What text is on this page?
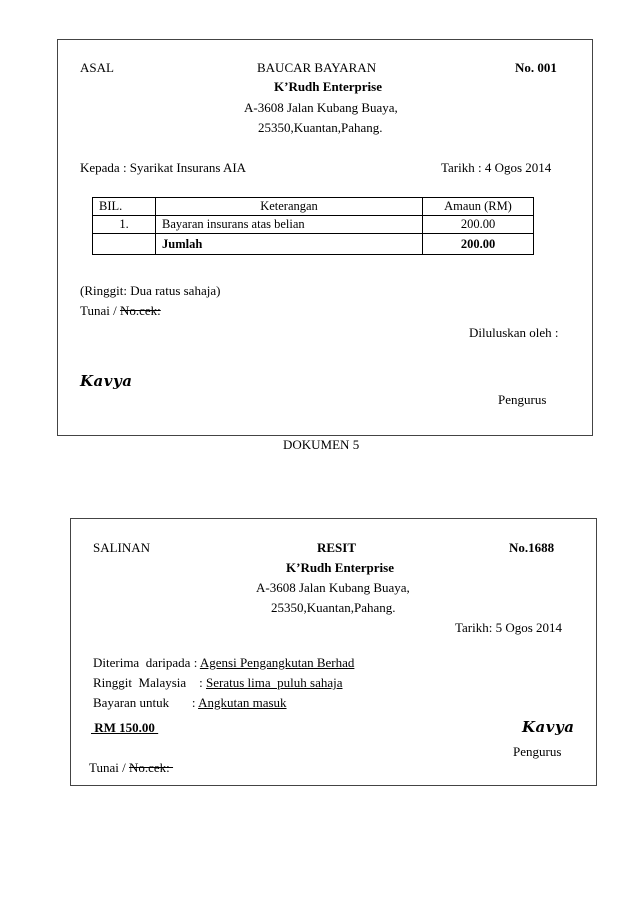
ASAL	BAUCAR BAYARAN	No. 001
K’Rudh Enterprise
A-3608 Jalan Kubang Buaya,
25350,Kuantan,Pahang.
Kepada : Syarikat Insurans AIA	Tarikh : 4 Ogos 2014
BIL.	Keterangan	Amaun (RM)
1.	Bayaran insurans atas belian	200.00
	Jumlah	200.00
(Ringgit: Dua ratus sahaja)
Tunai / No.cek:
Diluluskan oleh :
Kavya
Pengurus
DOKUMEN 5
SALINAN	RESIT	No.1688
K’Rudh Enterprise
A-3608 Jalan Kubang Buaya,
25350,Kuantan,Pahang.
Tarikh: 5 Ogos 2014

Diterima  daripada : Agensi Pengangkutan Berhad

Ringgit  Malaysia    : Seratus lima  puluh sahaja

Bayaran untuk       : Angkutan masuk

RM 150.00	Kavya

Tunai / No.cek:

Pengurus
